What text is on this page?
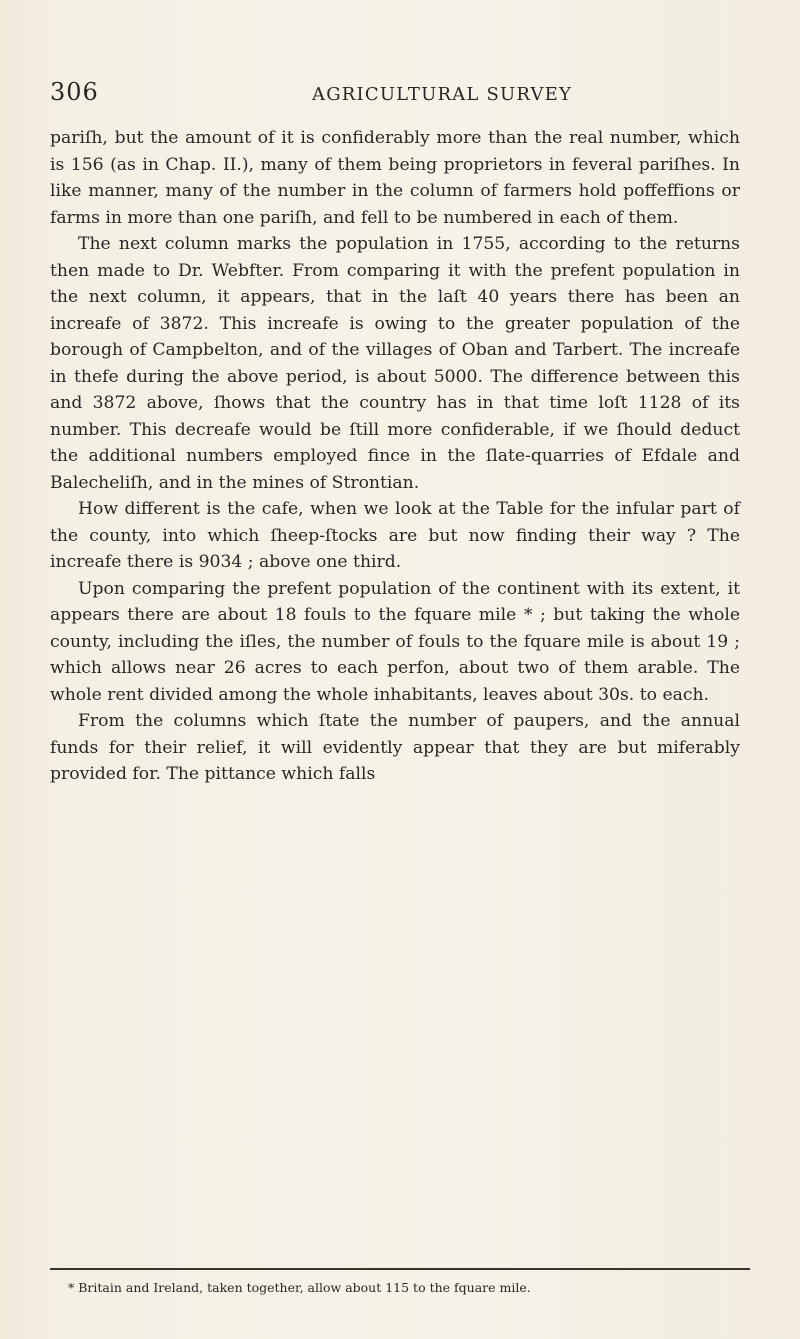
306	AGRICULTURAL SURVEY

pariſh, but the amount of it is confiderably more than the real number, which is 156 (as in Chap. II.), many of them being proprietors in feveral pariſhes. In like manner, many of the number in the column of farmers hold poffeffions or farms in more than one pariſh, and fell to be numbered in each of them.

The next column marks the population in 1755, according to the returns then made to Dr. Webfter. From comparing it with the prefent population in the next column, it appears, that in the laſt 40 years there has been an increafe of 3872. This increafe is owing to the greater population of the borough of Campbelton, and of the villages of Oban and Tarbert. The increafe in thefe during the above period, is about 5000. The difference between this and 3872 above, ſhows that the country has in that time loſt 1128 of its number. This decreafe would be ſtill more confiderable, if we ſhould deduct the additional numbers employed fince in the ſlate-quarries of Efdale and Balecheliſh, and in the mines of Strontian.

How different is the cafe, when we look at the Table for the infular part of the county, into which ſheep-ſtocks are but now finding their way ? The increafe there is 9034 ; above one third.

Upon comparing the prefent population of the continent with its extent, it appears there are about 18 fouls to the fquare mile * ; but taking the whole county, including the iſles, the number of fouls to the fquare mile is about 19 ; which allows near 26 acres to each perfon, about two of them arable. The whole rent divided among the whole inhabitants, leaves about 30s. to each.

From the columns which ſtate the number of paupers, and the annual funds for their relief, it will evidently appear that they are but miferably provided for. The pittance which falls

* Britain and Ireland, taken together, allow about 115 to the fquare mile.
